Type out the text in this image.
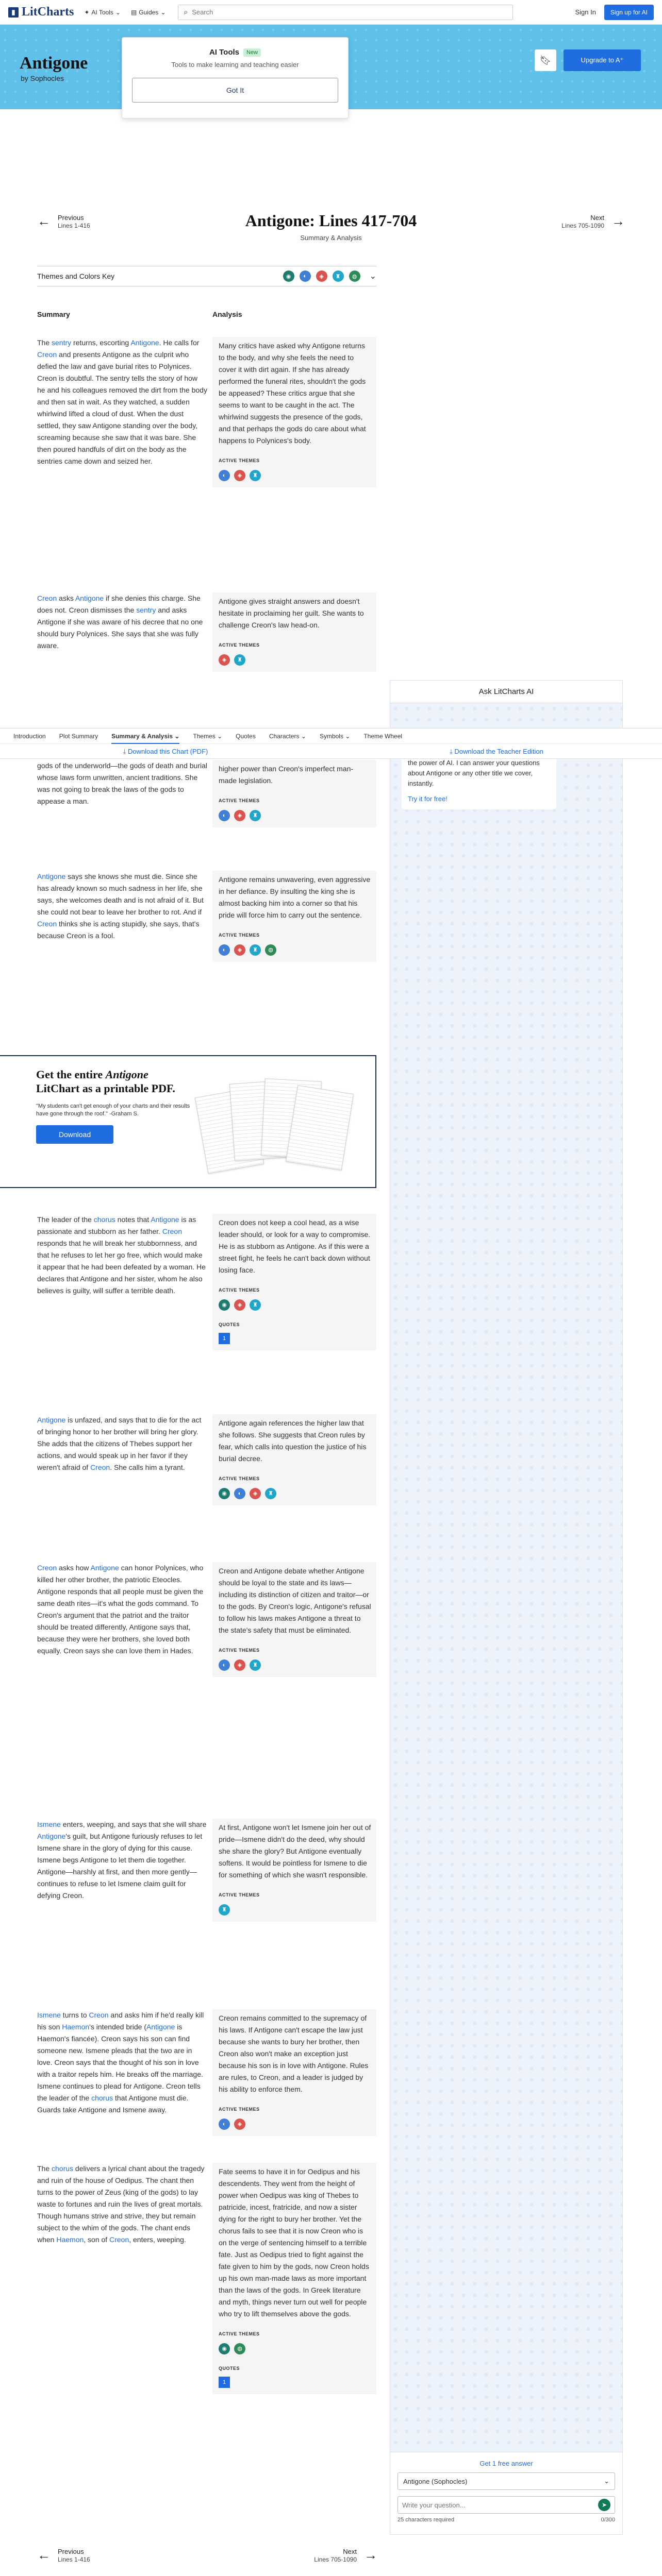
▮ LitCharts ✦ AI Tools ⌄ ▤ Guides ⌄	⌕
Search	Sign In	Sign up for AI
Antigone
by Sophocles
🔖︎	Upgrade to A⁺
AI Tools	New
Tools to make learning and teaching easier
Got It
← Previous
Lines 1-416	Antigone: Lines 417-704
Summary & Analysis
Next
Lines 705-1090 →
Themes and Colors Key	◉	◐	◈	♜	◍	⌄
Summary	Analysis
The sentry returns, escorting Antigone. He calls for Creon and presents Antigone as the culprit who defied the law and gave burial rites to Polynices. Creon is doubtful. The sentry tells the story of how he and his colleagues removed the dirt from the body and then sat in wait. As they watched, a sudden whirlwind lifted a cloud of dust. When the dust settled, they saw Antigone standing over the body, screaming because she saw that it was bare. She then poured handfuls of dirt on the body as the sentries came down and seized her.
Many critics have asked why Antigone returns to the body, and why she feels the need to cover it with dirt again. If she has already performed the funeral rites, shouldn't the gods be appeased? These critics argue that she seems to want to be caught in the act. The whirlwind suggests the presence of the gods, and that perhaps the gods do care about what happens to Polynices's body.
ACTIVE THEMES
◐	◈	♜
Creon asks Antigone if she denies this charge. She does not. Creon dismisses the sentry and asks Antigone if she was aware of his decree that no one should bury Polynices. She says that she was fully aware.
Antigone gives straight answers and doesn't hesitate in proclaiming her guilt. She wants to challenge Creon's law head-on.
ACTIVE THEMES
◈	♜
gods of the underworld—the gods of death and burial whose laws form unwritten, ancient traditions. She was not going to break the laws of the gods to appease a man.
higher power than Creon's imperfect man-made legislation.
ACTIVE THEMES
◐	◈	♜
Antigone says she knows she must die. Since she has already known so much sadness in her life, she says, she welcomes death and is not afraid of it. But she could not bear to leave her brother to rot. And if Creon thinks she is acting stupidly, she says, that's because Creon is a fool.
Antigone remains unwavering, even aggressive in her defiance. By insulting the king she is almost backing him into a corner so that his pride will force him to carry out the sentence.
ACTIVE THEMES
◐	◈	♜	◍
The leader of the chorus notes that Antigone is as passionate and stubborn as her father. Creon responds that he will break her stubbornness, and that he refuses to let her go free, which would make it appear that he had been defeated by a woman. He declares that Antigone and her sister, whom he also believes is guilty, will suffer a terrible death.
Creon does not keep a cool head, as a wise leader should, or look for a way to compromise. He is as stubborn as Antigone. As if this were a street fight, he feels he can't back down without losing face.
ACTIVE THEMES
◉	◈	♜
QUOTES
1
Antigone is unfazed, and says that to die for the act of bringing honor to her brother will bring her glory. She adds that the citizens of Thebes support her actions, and would speak up in her favor if they weren't afraid of Creon. She calls him a tyrant.
Antigone again references the higher law that she follows. She suggests that Creon rules by fear, which calls into question the justice of his burial decree.
ACTIVE THEMES
◉	◐	◈	♜
Creon asks how Antigone can honor Polynices, who killed her other brother, the patriotic Eteocles. Antigone responds that all people must be given the same death rites—it's what the gods command. To Creon's argument that the patriot and the traitor should be treated differently, Antigone says that, because they were her brothers, she loved both equally. Creon says she can love them in Hades.
Creon and Antigone debate whether Antigone should be loyal to the state and its laws—including its distinction of citizen and traitor—or to the gods. By Creon's logic, Antigone's refusal to follow his laws makes Antigone a threat to the state's safety that must be eliminated.
ACTIVE THEMES
◐	◈	♜
Ismene enters, weeping, and says that she will share Antigone's guilt, but Antigone furiously refuses to let Ismene share in the glory of dying for this cause. Ismene begs Antigone to let them die together. Antigone—harshly at first, and then more gently—continues to refuse to let Ismene claim guilt for defying Creon.
At first, Antigone won't let Ismene join her out of pride—Ismene didn't do the deed, why should she share the glory? But Antigone eventually softens. It would be pointless for Ismene to die for something of which she wasn't responsible.
ACTIVE THEMES
♜
Ismene turns to Creon and asks him if he'd really kill his son Haemon's intended bride (Antigone is Haemon's fiancée). Creon says his son can find someone new. Ismene pleads that the two are in love. Creon says that the thought of his son in love with a traitor repels him. He breaks off the marriage. Ismene continues to plead for Antigone. Creon tells the leader of the chorus that Antigone must die. Guards take Antigone and Ismene away.
Creon remains committed to the supremacy of his laws. If Antigone can't escape the law just because she wants to bury her brother, then Creon also won't make an exception just because his son is in love with Antigone. Rules are rules, to Creon, and a leader is judged by his ability to enforce them.
ACTIVE THEMES
◐	◈
The chorus delivers a lyrical chant about the tragedy and ruin of the house of Oedipus. The chant then turns to the power of Zeus (king of the gods) to lay waste to fortunes and ruin the lives of great mortals. Though humans strive and strive, they but remain subject to the whim of the gods. The chant ends when Haemon, son of Creon, enters, weeping.
Fate seems to have it in for Oedipus and his descendents. They went from the height of power when Oedipus was king of Thebes to patricide, incest, fratricide, and now a sister dying for the right to bury her brother. Yet the chorus fails to see that it is now Creon who is on the verge of sentencing himself to a terrible fate. Just as Oedipus tried to fight against the fate given to him by the gods, now Creon holds up his own man-made laws as more important than the laws of the gods. In Greek literature and myth, things never turn out well for people who try to lift themselves above the gods.
ACTIVE THEMES
◉	◍
QUOTES
1
Introduction Plot Summary Summary & Analysis ⌄ Themes ⌄ Quotes Characters ⌄ Symbols ⌄ Theme Wheel
⤓ Download this Chart (PDF)	⤓ Download the Teacher Edition
Ask LitCharts AI
the power of AI. I can answer your questions about Antigone or any other title we cover, instantly.
Try it for free!
Get 1 free answer
Antigone (Sophocles)	⌄
Write your question...	➤
25 characters required	0/300
Get the entire Antigone LitChart as a printable PDF.
"My students can't get enough of your charts and their results have gone through the roof." -Graham S.
Download
← Previous
Lines 1-416
Next
Lines 705-1090 →
